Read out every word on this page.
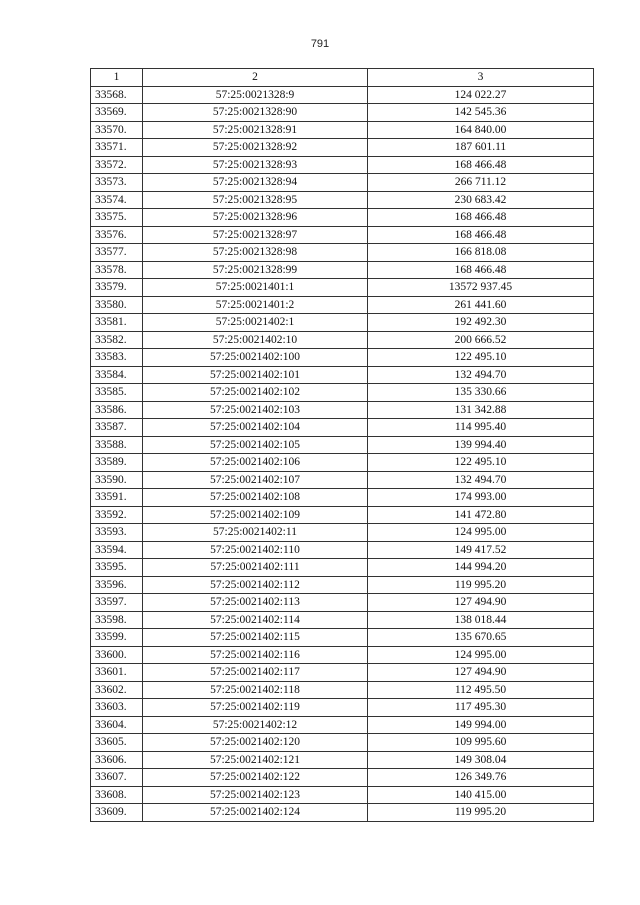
791
1	2	3
33568.	57:25:0021328:9	124 022.27
33569.	57:25:0021328:90	142 545.36
33570.	57:25:0021328:91	164 840.00
33571.	57:25:0021328:92	187 601.11
33572.	57:25:0021328:93	168 466.48
33573.	57:25:0021328:94	266 711.12
33574.	57:25:0021328:95	230 683.42
33575.	57:25:0021328:96	168 466.48
33576.	57:25:0021328:97	168 466.48
33577.	57:25:0021328:98	166 818.08
33578.	57:25:0021328:99	168 466.48
33579.	57:25:0021401:1	13572 937.45
33580.	57:25:0021401:2	261 441.60
33581.	57:25:0021402:1	192 492.30
33582.	57:25:0021402:10	200 666.52
33583.	57:25:0021402:100	122 495.10
33584.	57:25:0021402:101	132 494.70
33585.	57:25:0021402:102	135 330.66
33586.	57:25:0021402:103	131 342.88
33587.	57:25:0021402:104	114 995.40
33588.	57:25:0021402:105	139 994.40
33589.	57:25:0021402:106	122 495.10
33590.	57:25:0021402:107	132 494.70
33591.	57:25:0021402:108	174 993.00
33592.	57:25:0021402:109	141 472.80
33593.	57:25:0021402:11	124 995.00
33594.	57:25:0021402:110	149 417.52
33595.	57:25:0021402:111	144 994.20
33596.	57:25:0021402:112	119 995.20
33597.	57:25:0021402:113	127 494.90
33598.	57:25:0021402:114	138 018.44
33599.	57:25:0021402:115	135 670.65
33600.	57:25:0021402:116	124 995.00
33601.	57:25:0021402:117	127 494.90
33602.	57:25:0021402:118	112 495.50
33603.	57:25:0021402:119	117 495.30
33604.	57:25:0021402:12	149 994.00
33605.	57:25:0021402:120	109 995.60
33606.	57:25:0021402:121	149 308.04
33607.	57:25:0021402:122	126 349.76
33608.	57:25:0021402:123	140 415.00
33609.	57:25:0021402:124	119 995.20
